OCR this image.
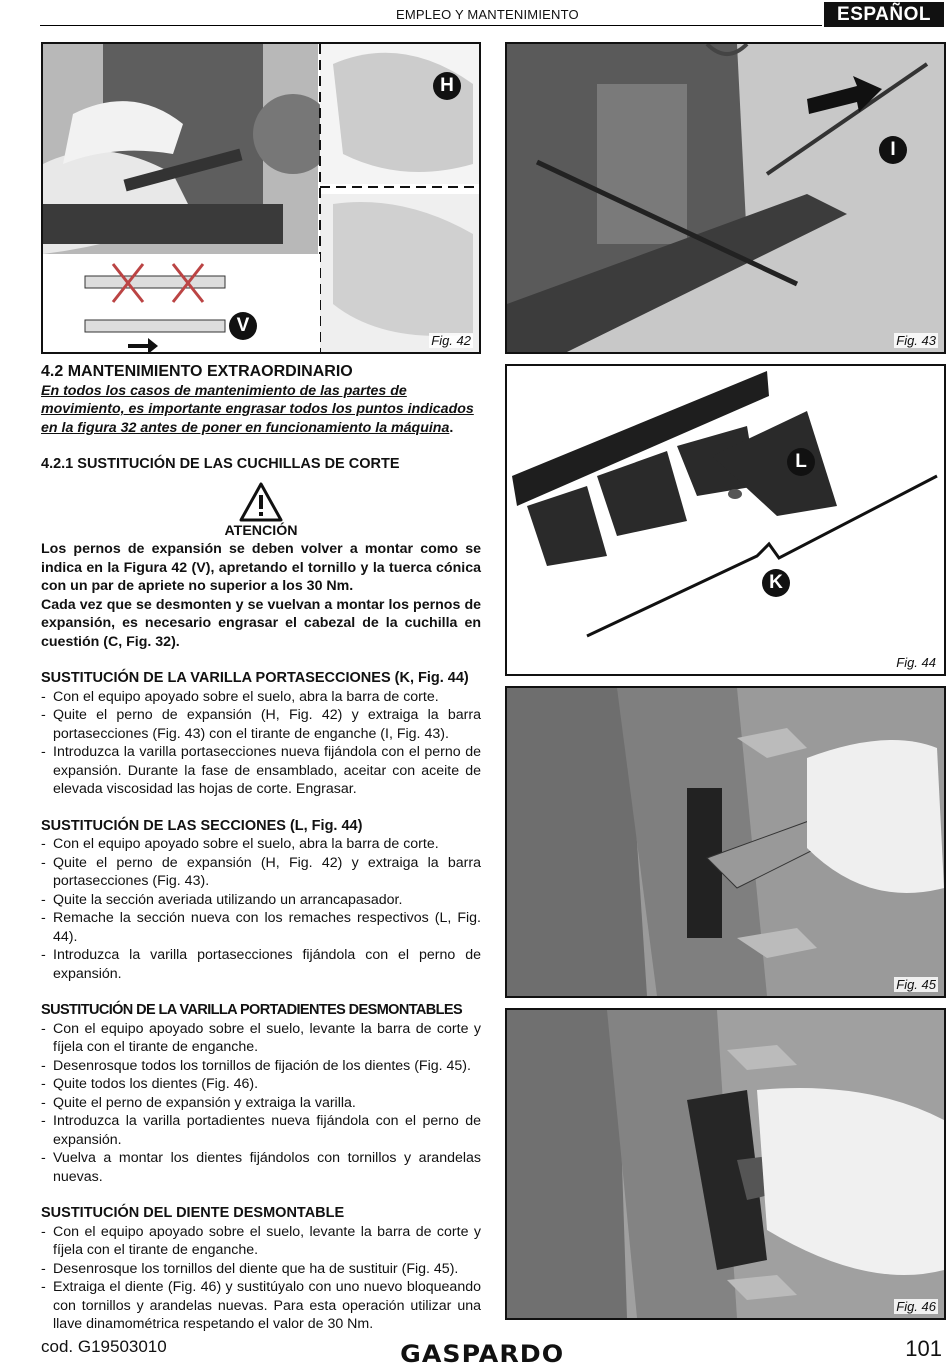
EMPLEO Y MANTENIMIENTO	ESPAÑOL
H
V
Fig. 42
I
Fig. 43
L
K
Fig. 44
Fig. 45
Fig. 46
4.2 MANTENIMIENTO EXTRAORDINARIO
En todos los casos de mantenimiento de las partes de movimiento, es importante engrasar todos los puntos indicados en la figura 32 antes de poner en funcionamiento la máquina.
4.2.1 SUSTITUCIÓN DE LAS CUCHILLAS DE CORTE
ATENCIÓN
Los pernos de expansión se deben volver a montar como se indica en la Figura 42 (V), apretando el tornillo y la tuerca cónica con un par de apriete no superior a los 30 Nm.
Cada vez que se desmonten y se vuelvan a montar los pernos de expansión, es necesario engrasar el cabezal de la cuchilla en cuestión (C, Fig. 32).
SUSTITUCIÓN DE LA VARILLA PORTASECCIONES (K, Fig. 44)
- Con el equipo apoyado sobre el suelo, abra la barra de corte.
- Quite el perno de expansión (H, Fig. 42) y extraiga la barra portasecciones (Fig. 43) con el tirante de enganche (I, Fig. 43).
- Introduzca la varilla portasecciones nueva fijándola con el perno de expansión. Durante la fase de ensamblado, aceitar con aceite de elevada viscosidad las hojas de corte. Engrasar.
SUSTITUCIÓN DE LAS SECCIONES (L, Fig. 44)
- Con el equipo apoyado sobre el suelo, abra la barra de corte.
- Quite el perno de expansión (H, Fig. 42) y extraiga la barra portasecciones (Fig. 43).
- Quite la sección averiada utilizando un arrancapasador.
- Remache la sección nueva con los remaches respectivos (L, Fig. 44).
- Introduzca la varilla portasecciones fijándola con el perno de expansión.
SUSTITUCIÓN DE LA VARILLA PORTADIENTES DESMONTABLES
- Con el equipo apoyado sobre el suelo, levante la barra de corte y fíjela con el tirante de enganche.
- Desenrosque todos los tornillos de fijación de los dientes (Fig. 45).
- Quite todos los dientes (Fig. 46).
- Quite el perno de expansión y extraiga la varilla.
- Introduzca la varilla portadientes nueva fijándola con el perno de expansión.
- Vuelva a montar los dientes fijándolos con tornillos y arandelas nuevas.
SUSTITUCIÓN DEL DIENTE DESMONTABLE
- Con el equipo apoyado sobre el suelo, levante la barra de corte y fíjela con el tirante de enganche.
- Desenrosque los tornillos del diente que ha de sustituir (Fig. 45).
- Extraiga el diente (Fig. 46) y sustitúyalo con uno nuevo bloqueando con tornillos y arandelas nuevas. Para esta operación utilizar una llave dinamométrica respetando el valor de 30 Nm.
cod. G19503010	GASPARDO	101
